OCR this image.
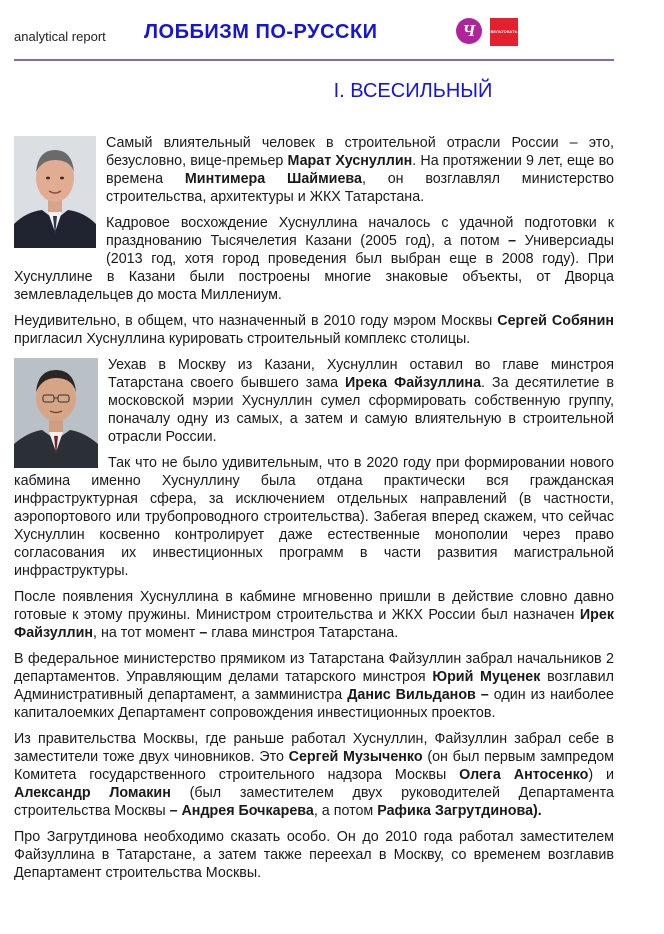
analytical report ЛОББИЗМ ПО-РУССКИ	Ч	ВЕЛЬТОВАТЬ
I. ВСЕСИЛЬНЫЙ

Самый влиятельный человек в строительной отрасли России – это, безусловно, вице-премьер Марат Хуснуллин. На протяжении 9 лет, еще во времена Минтимера Шаймиева, он возглавлял министерство строительства, архитектуры и ЖКХ Татарстана.

Кадровое восхождение Хуснуллина началось с удачной подготовки к празднованию Тысячелетия Казани (2005 год), а потом – Универсиады (2013 год, хотя город проведения был выбран еще в 2008 году). При Хуснуллине в Казани были построены многие знаковые объекты, от Дворца землевладельцев до моста Миллениум.

Неудивительно, в общем, что назначенный в 2010 году мэром Москвы Сергей Собянин пригласил Хуснуллина курировать строительный комплекс столицы.

Уехав в Москву из Казани, Хуснуллин оставил во главе минстроя Татарстана своего бывшего зама Ирека Файзуллина. За десятилетие в московской мэрии Хуснуллин сумел сформировать собственную группу, поначалу одну из самых, а затем и самую влиятельную в строительной отрасли России.

Так что не было удивительным, что в 2020 году при формировании нового кабмина именно Хуснуллину была отдана практически вся гражданская инфраструктурная сфера, за исключением отдельных направлений (в частности, аэропортового или трубопроводного строительства). Забегая вперед скажем, что сейчас Хуснуллин косвенно контролирует даже естественные монополии через право согласования их инвестиционных программ в части развития магистральной инфраструктуры.

После появления Хуснуллина в кабмине мгновенно пришли в действие словно давно готовые к этому пружины. Министром строительства и ЖКХ России был назначен Ирек Файзуллин, на тот момент – глава минстроя Татарстана.

В федеральное министерство прямиком из Татарстана Файзуллин забрал начальников 2 департаментов. Управляющим делами татарского минстроя Юрий Муценек возглавил Административный департамент, а замминистра Данис Вильданов – один из наиболее капиталоемких Департамент сопровождения инвестиционных проектов.

Из правительства Москвы, где раньше работал Хуснуллин, Файзуллин забрал себе в заместители тоже двух чиновников. Это Сергей Музыченко (он был первым зампредом Комитета государственного строительного надзора Москвы Олега Антосенко) и Александр Ломакин (был заместителем двух руководителей Департамента строительства Москвы – Андрея Бочкарева, а потом Рафика Загрутдинова).

Про Загрутдинова необходимо сказать особо. Он до 2010 года работал заместителем Файзуллина в Татарстане, а затем также переехал в Москву, со временем возглавив Департамент строительства Москвы.
